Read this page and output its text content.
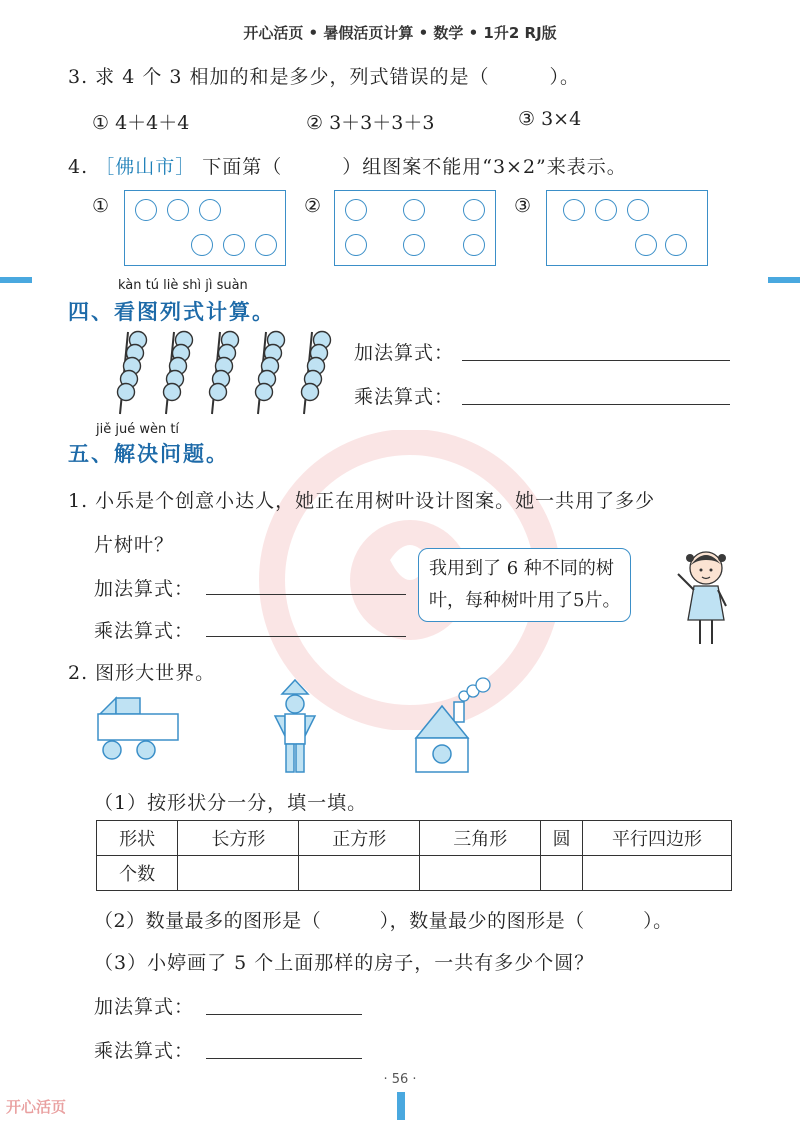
开心活页 • 暑假活页计算 • 数学 • 1升2 RJ版
3. 求 4 个 3 相加的和是多少，列式错误的是（　　　）。
① 4＋4＋4	② 3＋3＋3＋3	③ 3×4
4. ［佛山市］ 下面第（　　　）组图案不能用“3×2”来表示。
①	②	③
kàn tú liè shì jì suàn
四、看图列式计算。
加法算式：
乘法算式：
jiě jué wèn tí
五、解决问题。
1. 小乐是个创意小达人，她正在用树叶设计图案。她一共用了多少
片树叶？
加法算式：
乘法算式：
我用到了 6 种不同的树
叶，每种树叶用了5片。
2. 图形大世界。
（1）按形状分一分，填一填。
形状	长方形	正方形	三角形	圆	平行四边形
个数					
（2）数量最多的图形是（　　　），数量最少的图形是（　　　）。
（3）小婷画了 5 个上面那样的房子，一共有多少个圆？
加法算式：
乘法算式：
· 56 ·
开心活页
